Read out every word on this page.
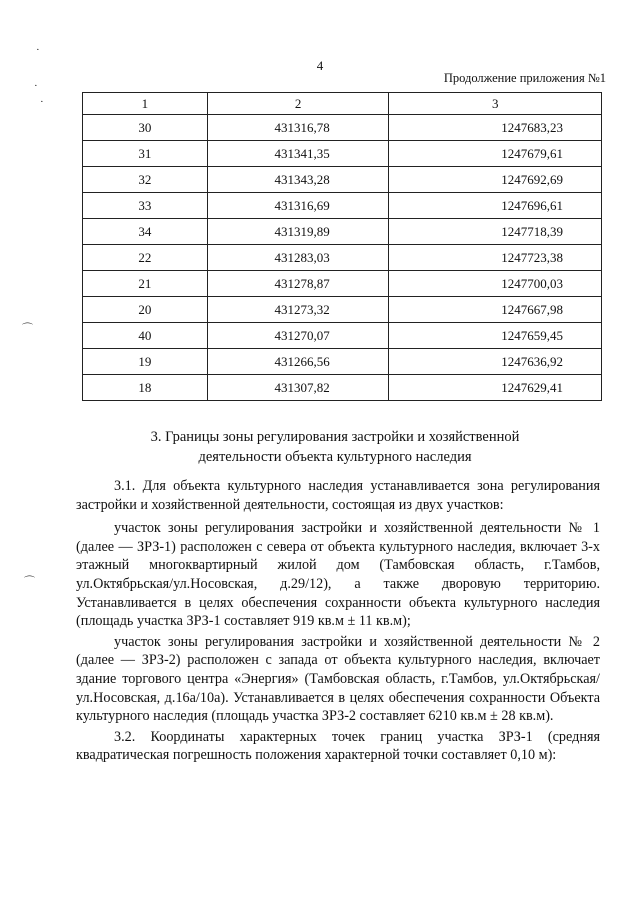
4
Продолжение приложения №1
·
·
·
⌒
⌒
1	2	3
30	431316,78	1247683,23
31	431341,35	1247679,61
32	431343,28	1247692,69
33	431316,69	1247696,61
34	431319,89	1247718,39
22	431283,03	1247723,38
21	431278,87	1247700,03
20	431273,32	1247667,98
40	431270,07	1247659,45
19	431266,56	1247636,92
18	431307,82	1247629,41
3. Границы зоны регулирования застройки и хозяйственной деятельности объекта культурного наследия

3.1. Для объекта культурного наследия устанавливается зона регулирования застройки и хозяйственной деятельности, состоящая из двух участков:

участок зоны регулирования застройки и хозяйственной деятельности № 1 (далее — ЗРЗ-1) расположен с севера от объекта культурного наследия, включает 3-х этажный многоквартирный жилой дом (Тамбовская область, г.Тамбов, ул.Октябрьская/ул.Носовская, д.29/12), а также дворовую территорию. Устанавливается в целях обеспечения сохранности объекта культурного наследия (площадь участка ЗРЗ-1 составляет 919 кв.м ± 11 кв.м);

участок зоны регулирования застройки и хозяйственной деятельности № 2 (далее — ЗРЗ-2) расположен с запада от объекта культурного наследия, включает здание торгового центра «Энергия» (Тамбовская область, г.Тамбов, ул.Октябрьская/ул.Носовская, д.16а/10а). Устанавливается в целях обеспечения сохранности Объекта культурного наследия (площадь участка ЗРЗ-2 составляет 6210 кв.м ± 28 кв.м).

3.2. Координаты характерных точек границ участка ЗРЗ-1 (средняя квадратическая погрешность положения характерной точки составляет 0,10 м):
